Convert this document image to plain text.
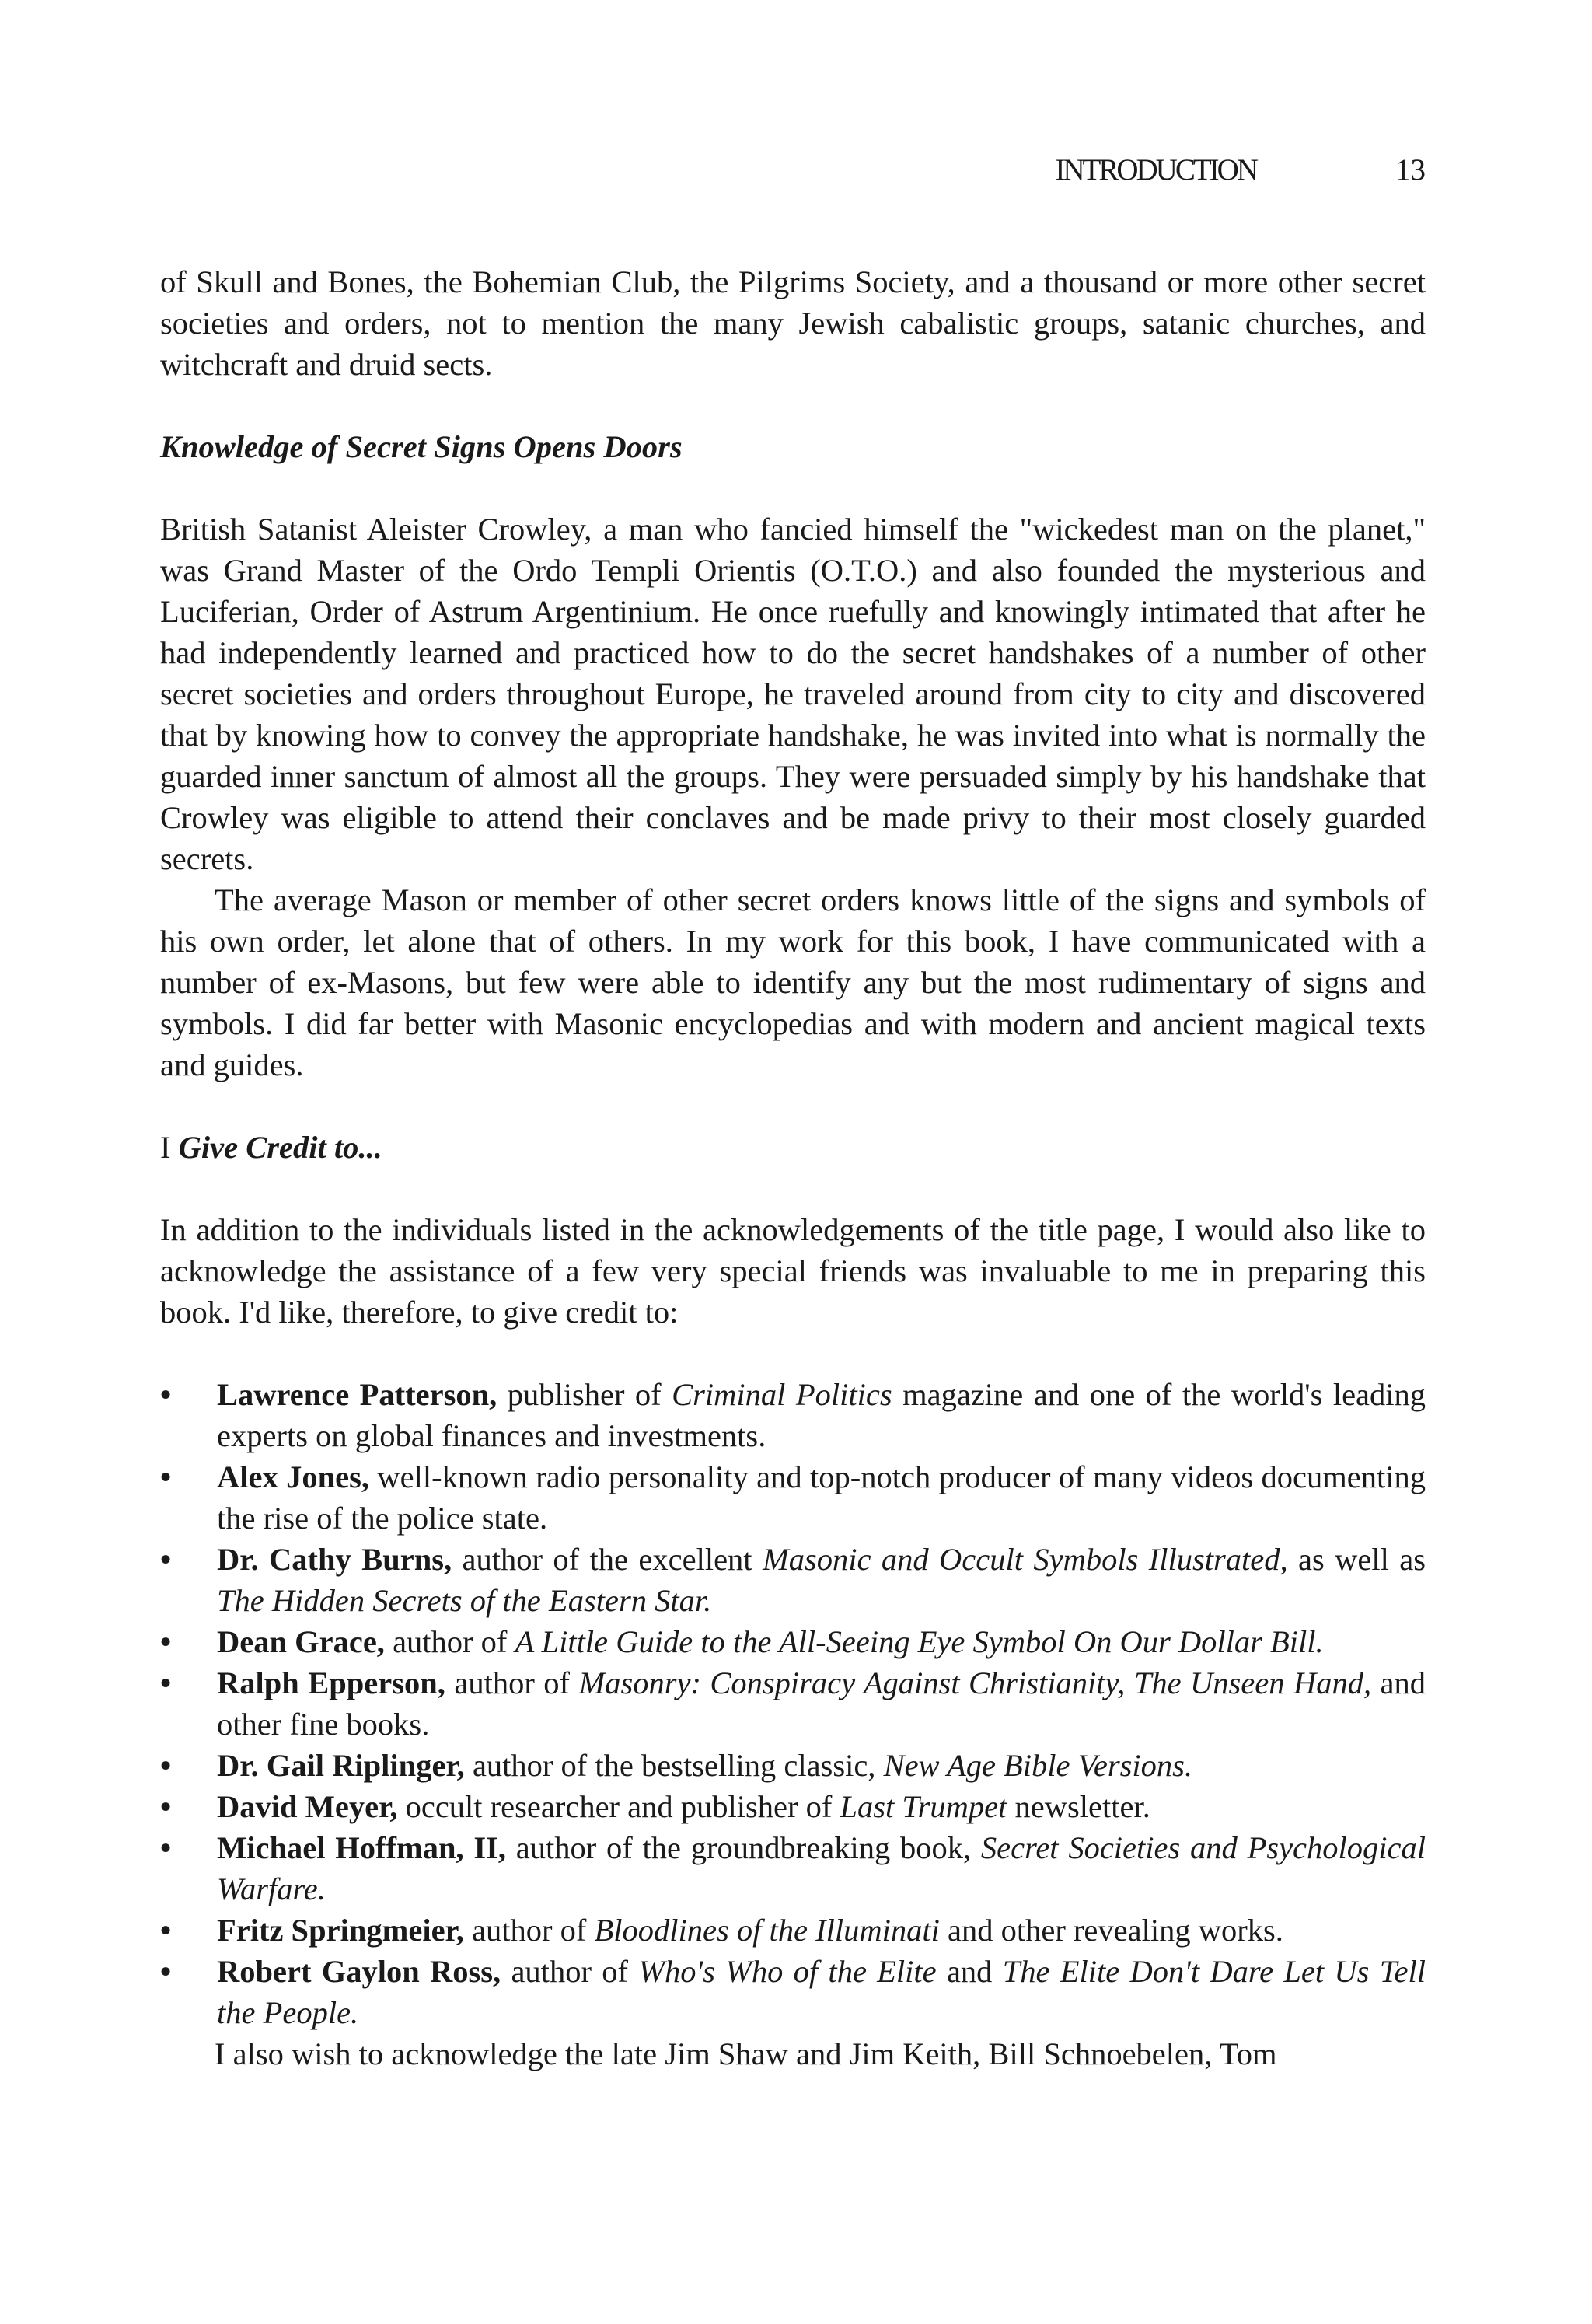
INTRODUCTION	13

of Skull and Bones, the Bohemian Club, the Pilgrims Society, and a thousand or more other secret societies and orders, not to mention the many Jewish cabalistic groups, satanic churches, and witchcraft and druid sects.

Knowledge of Secret Signs Opens Doors

British Satanist Aleister Crowley, a man who fancied himself the "wickedest man on the planet," was Grand Master of the Ordo Templi Orientis (O.T.O.) and also founded the mysterious and Luciferian, Order of Astrum Argentinium. He once ruefully and knowingly intimated that after he had independently learned and practiced how to do the secret handshakes of a number of other secret societies and orders throughout Europe, he traveled around from city to city and discovered that by knowing how to convey the appropriate handshake, he was invited into what is normally the guarded inner sanctum of almost all the groups. They were persuaded simply by his handshake that Crowley was eligible to attend their conclaves and be made privy to their most closely guarded secrets.

The average Mason or member of other secret orders knows little of the signs and symbols of his own order, let alone that of others. In my work for this book, I have communicated with a number of ex-Masons, but few were able to identify any but the most rudimentary of signs and symbols. I did far better with Masonic encyclopedias and with modern and ancient magical texts and guides.

I Give Credit to...

In addition to the individuals listed in the acknowledgements of the title page, I would also like to acknowledge the assistance of a few very special friends was invaluable to me in preparing this book. I'd like, therefore, to give credit to:

•	Lawrence Patterson, publisher of Criminal Politics magazine and one of the world's leading experts on global finances and investments.
•	Alex Jones, well-known radio personality and top-notch producer of many videos documenting the rise of the police state.
•	Dr. Cathy Burns, author of the excellent Masonic and Occult Symbols Illustrated, as well as The Hidden Secrets of the Eastern Star.
•	Dean Grace, author of A Little Guide to the All-Seeing Eye Symbol On Our Dollar Bill.
•	Ralph Epperson, author of Masonry: Conspiracy Against Christianity, The Unseen Hand, and other fine books.
•	Dr. Gail Riplinger, author of the bestselling classic, New Age Bible Versions.
•	David Meyer, occult researcher and publisher of Last Trumpet newsletter.
•	Michael Hoffman, II, author of the groundbreaking book, Secret Societies and Psychological Warfare.
•	Fritz Springmeier, author of Bloodlines of the Illuminati and other revealing works.
•	Robert Gaylon Ross, author of Who's Who of the Elite and The Elite Don't Dare Let Us Tell the People.

I also wish to acknowledge the late Jim Shaw and Jim Keith, Bill Schnoebelen, Tom
